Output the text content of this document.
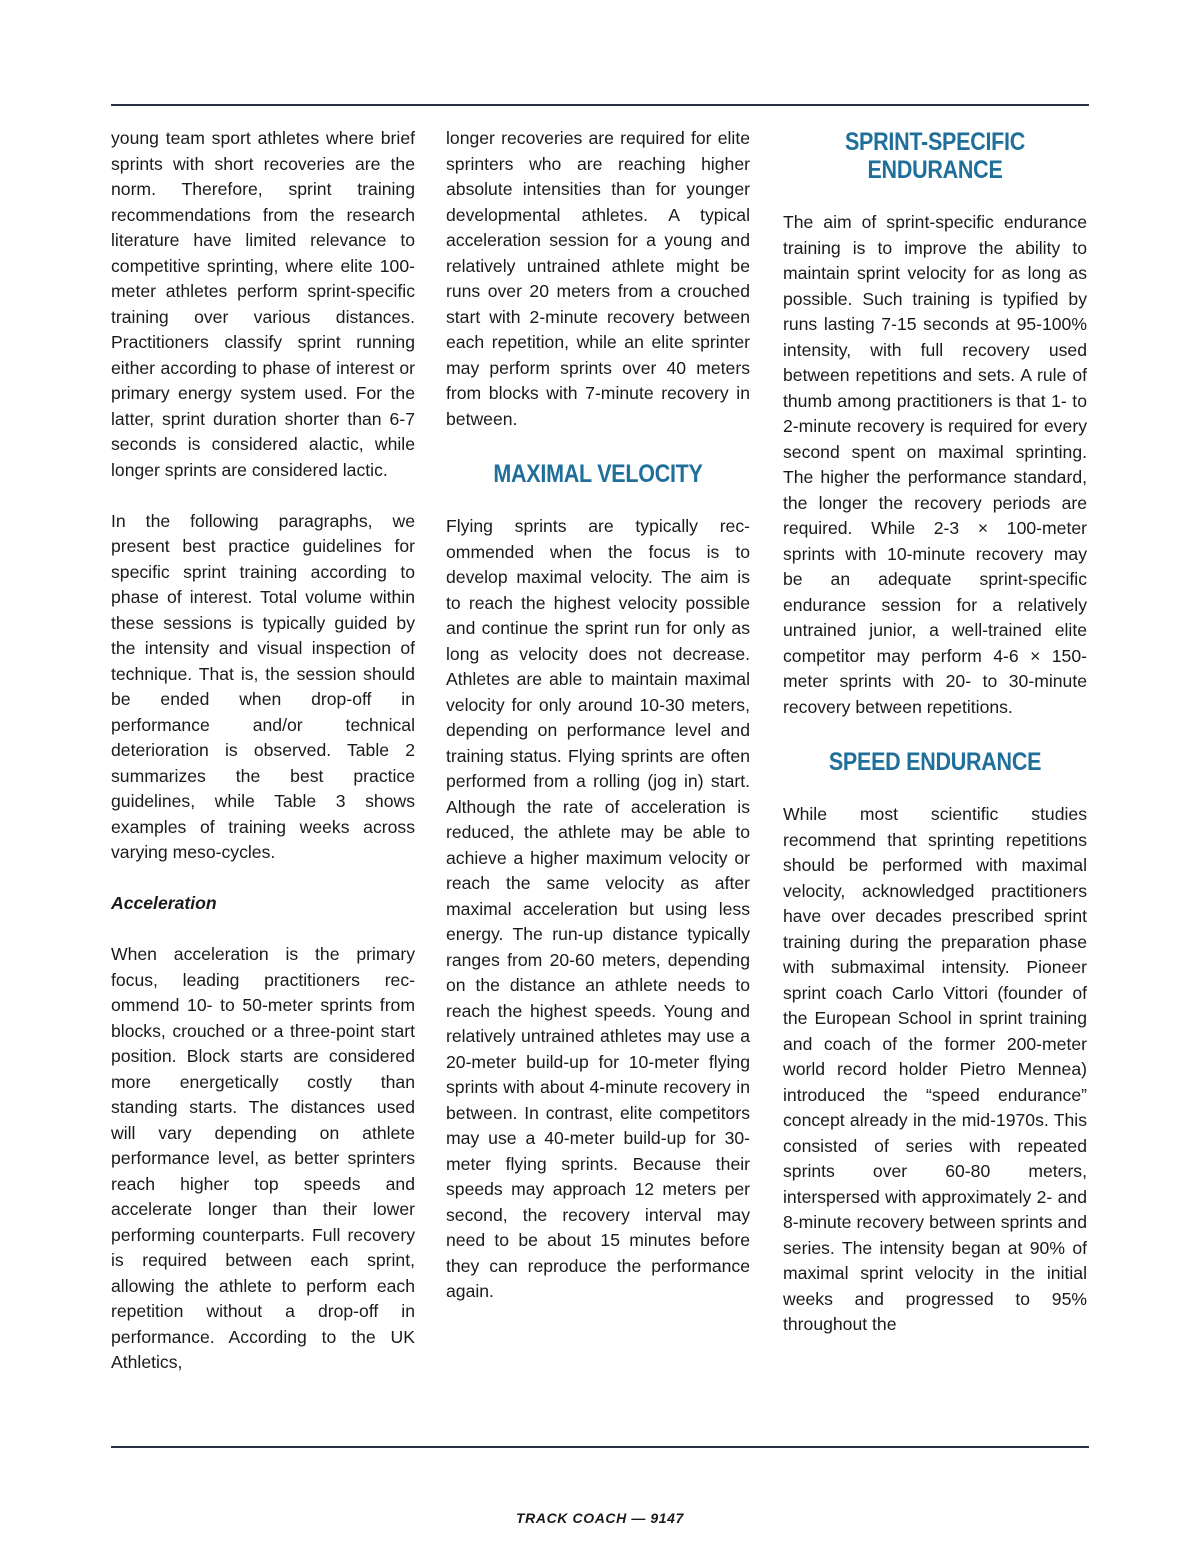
young team sport athletes where brief sprints with short recoveries are the norm. Therefore, sprint training recommendations from the research literature have limited relevance to competitive sprinting, where elite 100-meter athletes perform sprint-specific training over various distances. Practitioners classify sprint running either according to phase of interest or primary energy system used. For the latter, sprint duration shorter than 6-7 seconds is considered alactic, while longer sprints are considered lactic.

In the following paragraphs, we present best practice guidelines for specific sprint training according to phase of interest. Total volume within these sessions is typically guided by the intensity and visual inspection of technique. That is, the session should be ended when drop-off in performance and/or technical deterioration is observed. Table 2 summarizes the best practice guidelines, while Table 3 shows examples of training weeks across varying meso-cycles.

Acceleration

When acceleration is the primary focus, leading practitioners recommend 10- to 50-meter sprints from blocks, crouched or a three-point start position. Block starts are considered more energetically costly than standing starts. The distances used will vary depending on athlete performance level, as better sprinters reach higher top speeds and accelerate longer than their lower performing counterparts. Full recovery is required between each sprint, allowing the athlete to perform each repetition without a drop-off in performance. According to the UK Athletics,

longer recoveries are required for elite sprinters who are reaching higher absolute intensities than for younger developmental athletes. A typical acceleration session for a young and relatively untrained athlete might be runs over 20 meters from a crouched start with 2-minute recovery between each repetition, while an elite sprinter may perform sprints over 40 meters from blocks with 7-minute recovery in between.

MAXIMAL VELOCITY

Flying sprints are typically recommended when the focus is to develop maximal velocity. The aim is to reach the highest velocity possible and continue the sprint run for only as long as velocity does not decrease. Athletes are able to maintain maximal velocity for only around 10-30 meters, depending on performance level and training status. Flying sprints are often performed from a rolling (jog in) start. Although the rate of acceleration is reduced, the athlete may be able to achieve a higher maximum velocity or reach the same velocity as after maximal acceleration but using less energy. The run-up distance typically ranges from 20-60 meters, depending on the distance an athlete needs to reach the highest speeds. Young and relatively untrained athletes may use a 20-meter build-up for 10-meter flying sprints with about 4-minute recovery in between. In contrast, elite competitors may use a 40-meter build-up for 30-meter flying sprints. Because their speeds may approach 12 meters per second, the recovery interval may need to be about 15 minutes before they can reproduce the performance again.

SPRINT-SPECIFIC ENDURANCE

The aim of sprint-specific endurance training is to improve the ability to maintain sprint velocity for as long as possible. Such training is typified by runs lasting 7-15 seconds at 95-100% intensity, with full recovery used between repetitions and sets. A rule of thumb among practitioners is that 1- to 2-minute recovery is required for every second spent on maximal sprinting. The higher the performance standard, the longer the recovery periods are required. While 2-3 × 100-meter sprints with 10-minute recovery may be an adequate sprint-specific endurance session for a relatively untrained junior, a well-trained elite competitor may perform 4-6 × 150-meter sprints with 20- to 30-minute recovery between repetitions.

SPEED ENDURANCE

While most scientific studies recommend that sprinting repetitions should be performed with maximal velocity, acknowledged practitioners have over decades prescribed sprint training during the preparation phase with submaximal intensity. Pioneer sprint coach Carlo Vittori (founder of the European School in sprint training and coach of the former 200-meter world record holder Pietro Mennea) introduced the “speed endurance” concept already in the mid-1970s. This consisted of series with repeated sprints over 60-80 meters, interspersed with approximately 2- and 8-minute recovery between sprints and series. The intensity began at 90% of maximal sprint velocity in the initial weeks and progressed to 95% throughout the

TRACK COACH — 9147
